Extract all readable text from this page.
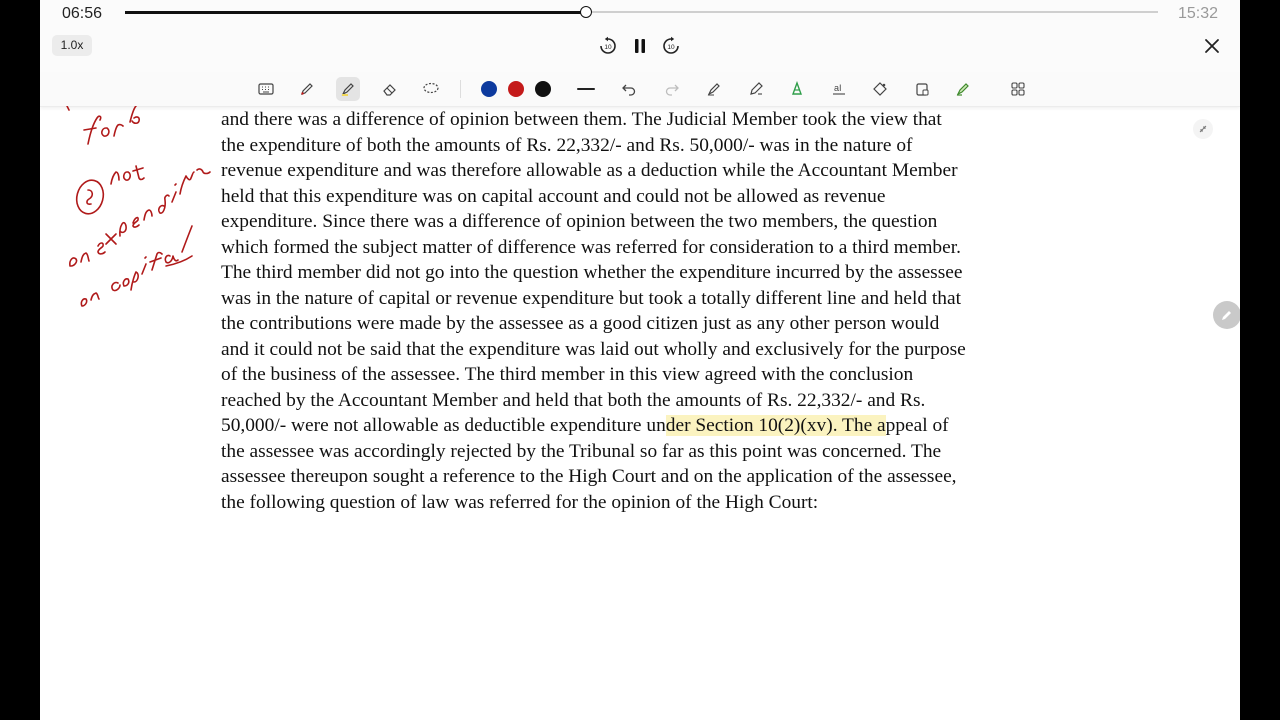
06:56	15:32
1.0x	10	10
aI

and there was a difference of opinion between them. The Judicial Member took the view that

the expenditure of both the amounts of Rs. 22,332/- and Rs. 50,000/- was in the nature of

revenue expenditure and was therefore allowable as a deduction while the Accountant Member

held that this expenditure was on capital account and could not be allowed as revenue

expenditure. Since there was a difference of opinion between the two members, the question

which formed the subject matter of difference was referred for consideration to a third member.

The third member did not go into the question whether the expenditure incurred by the assessee

was in the nature of capital or revenue expenditure but took a totally different line and held that

the contributions were made by the assessee as a good citizen just as any other person would

and it could not be said that the expenditure was laid out wholly and exclusively for the purpose

of the business of the assessee. The third member in this view agreed with the conclusion

reached by the Accountant Member and held that both the amounts of Rs. 22,332/- and Rs.

50,000/- were not allowable as deductible expenditure under Section 10(2)(xv). The appeal of

the assessee was accordingly rejected by the Tribunal so far as this point was concerned. The

assessee thereupon sought a reference to the High Court and on the application of the assessee,

the following question of law was referred for the opinion of the High Court:
